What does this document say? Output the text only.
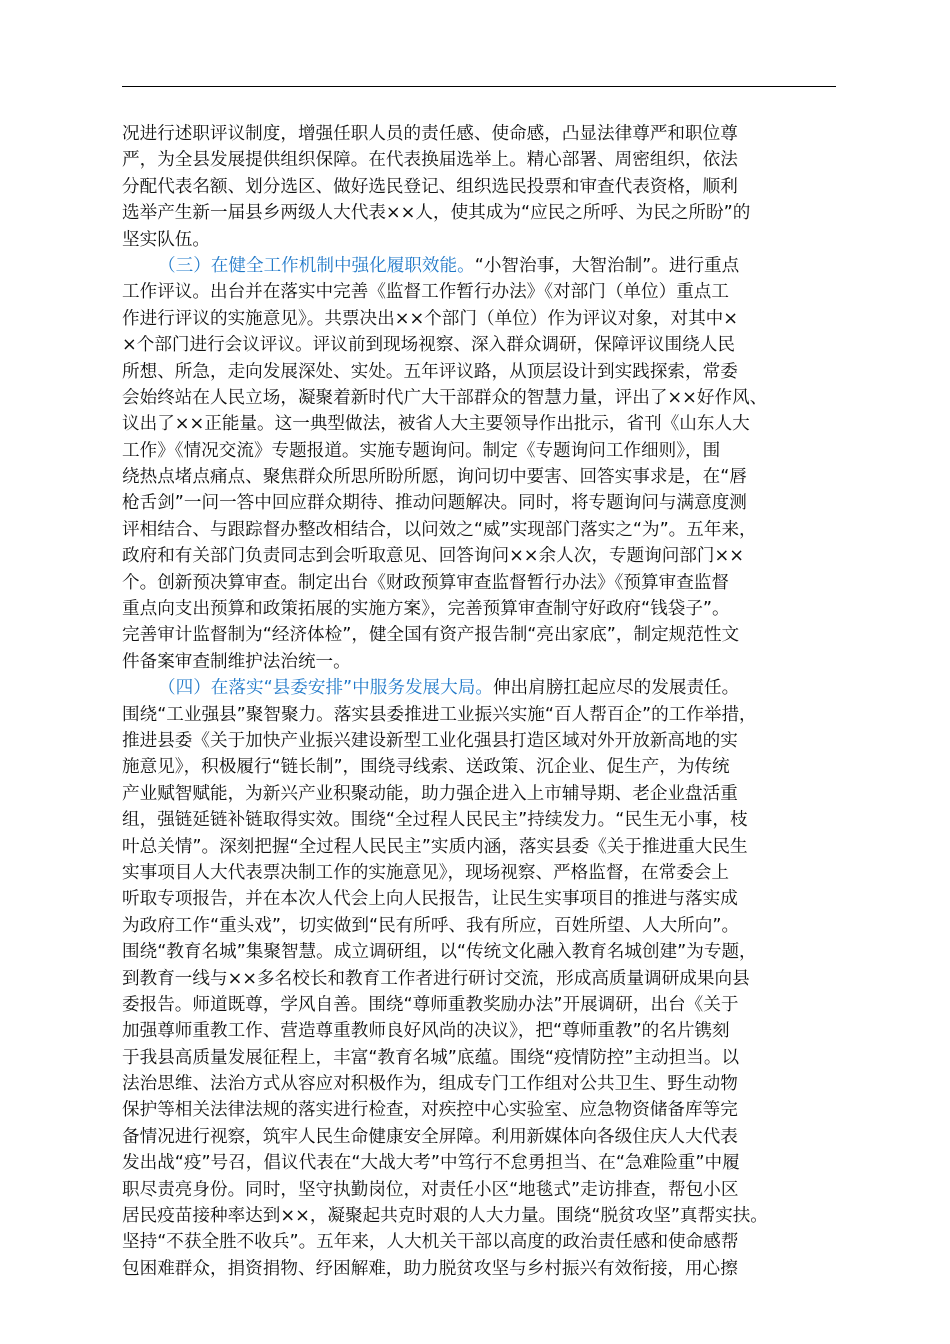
况进行述职评议制度，增强任职人员的责任感、使命感，凸显法律尊严和职位尊
严，为全县发展提供组织保障。在代表换届选举上。精心部署、周密组织，依法
分配代表名额、划分选区、做好选民登记、组织选民投票和审查代表资格，顺利
选举产生新一届县乡两级人大代表××人，使其成为“应民之所呼、为民之所盼”的
坚实队伍。
（三）在健全工作机制中强化履职效能。“小智治事，大智治制”。进行重点
工作评议。出台并在落实中完善《监督工作暂行办法》《对部门（单位）重点工
作进行评议的实施意见》。共票决出××个部门（单位）作为评议对象，对其中×
×个部门进行会议评议。评议前到现场视察、深入群众调研，保障评议围绕人民
所想、所急，走向发展深处、实处。五年评议路，从顶层设计到实践探索，常委
会始终站在人民立场，凝聚着新时代广大干部群众的智慧力量，评出了××好作风、
议出了××正能量。这一典型做法，被省人大主要领导作出批示，省刊《山东人大
工作》《情况交流》专题报道。实施专题询问。制定《专题询问工作细则》，围
绕热点堵点痛点、聚焦群众所思所盼所愿，询问切中要害、回答实事求是，在“唇
枪舌剑”一问一答中回应群众期待、推动问题解决。同时，将专题询问与满意度测
评相结合、与跟踪督办整改相结合，以问效之“威”实现部门落实之“为”。五年来，
政府和有关部门负责同志到会听取意见、回答询问××余人次，专题询问部门××
个。创新预决算审查。制定出台《财政预算审查监督暂行办法》《预算审查监督
重点向支出预算和政策拓展的实施方案》，完善预算审查制守好政府“钱袋子”。
完善审计监督制为“经济体检”，健全国有资产报告制“亮出家底”，制定规范性文
件备案审查制维护法治统一。
（四）在落实“县委安排”中服务发展大局。伸出肩膀扛起应尽的发展责任。
围绕“工业强县”聚智聚力。落实县委推进工业振兴实施“百人帮百企”的工作举措，
推进县委《关于加快产业振兴建设新型工业化强县打造区域对外开放新高地的实
施意见》，积极履行“链长制”，围绕寻线索、送政策、沉企业、促生产，为传统
产业赋智赋能，为新兴产业积聚动能，助力强企进入上市辅导期、老企业盘活重
组，强链延链补链取得实效。围绕“全过程人民民主”持续发力。“民生无小事，枝
叶总关情”。深刻把握“全过程人民民主”实质内涵，落实县委《关于推进重大民生
实事项目人大代表票决制工作的实施意见》，现场视察、严格监督，在常委会上
听取专项报告，并在本次人代会上向人民报告，让民生实事项目的推进与落实成
为政府工作“重头戏”，切实做到“民有所呼、我有所应，百姓所望、人大所向”。
围绕“教育名城”集聚智慧。成立调研组，以“传统文化融入教育名城创建”为专题，
到教育一线与××多名校长和教育工作者进行研讨交流，形成高质量调研成果向县
委报告。师道既尊，学风自善。围绕“尊师重教奖励办法”开展调研，出台《关于
加强尊师重教工作、营造尊重教师良好风尚的决议》，把“尊师重教”的名片镌刻
于我县高质量发展征程上，丰富“教育名城”底蕴。围绕“疫情防控”主动担当。以
法治思维、法治方式从容应对积极作为，组成专门工作组对公共卫生、野生动物
保护等相关法律法规的落实进行检查，对疾控中心实验室、应急物资储备库等完
备情况进行视察，筑牢人民生命健康安全屏障。利用新媒体向各级住庆人大代表
发出战“疫”号召，倡议代表在“大战大考”中笃行不怠勇担当、在“急难险重”中履
职尽责亮身份。同时，坚守执勤岗位，对责任小区“地毯式”走访排查，帮包小区
居民疫苗接种率达到××，凝聚起共克时艰的人大力量。围绕“脱贫攻坚”真帮实扶。
坚持“不获全胜不收兵”。五年来，人大机关干部以高度的政治责任感和使命感帮
包困难群众，捐资捐物、纾困解难，助力脱贫攻坚与乡村振兴有效衔接，用心擦
